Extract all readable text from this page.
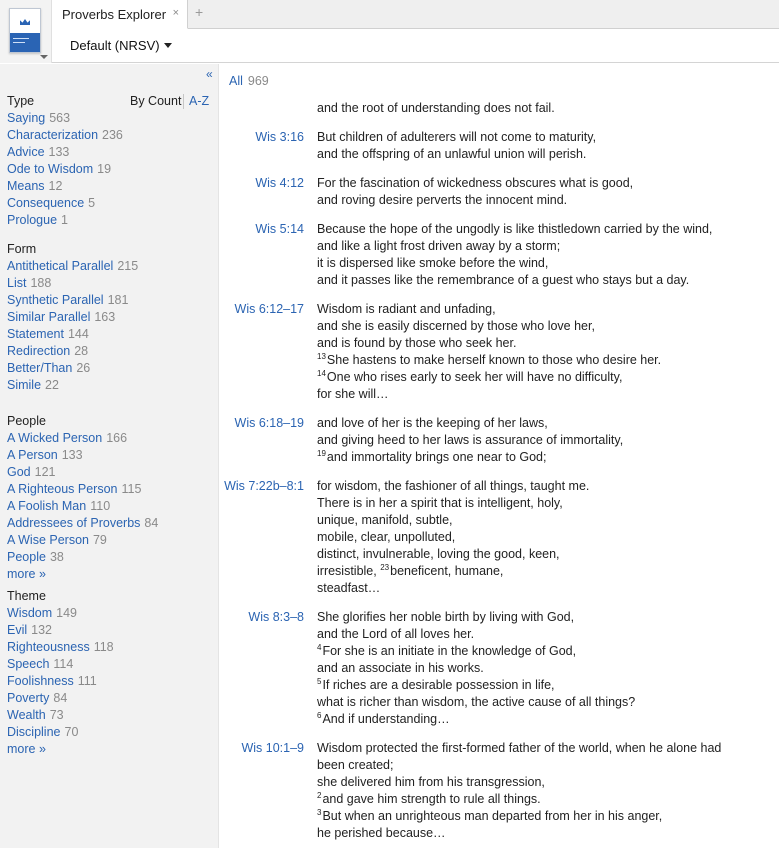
Proverbs Explorer × +
Default (NRSV)
«
By Count A-Z
Type
Saying 563
Characterization 236
Advice 133
Ode to Wisdom 19
Means 12
Consequence 5
Prologue 1
Form
Antithetical Parallel 215
List 188
Synthetic Parallel 181
Similar Parallel 163
Statement 144
Redirection 28
Better/Than 26
Simile 22
People
A Wicked Person 166
A Person 133
God 121
A Righteous Person 115
A Foolish Man 110
Addressees of Proverbs 84
A Wise Person 79
People 38
more »
Theme
Wisdom 149
Evil 132
Righteousness 118
Speech 114
Foolishness 111
Poverty 84
Wealth 73
Discipline 70
more »
All 969
and the root of understanding does not fail.
Wis 3:16 But children of adulterers will not come to maturity,
and the offspring of an unlawful union will perish.
Wis 4:12 For the fascination of wickedness obscures what is good,
and roving desire perverts the innocent mind.
Wis 5:14 Because the hope of the ungodly is like thistledown carried by the wind,
and like a light frost driven away by a storm;
it is dispersed like smoke before the wind,
and it passes like the remembrance of a guest who stays but a day.
Wis 6:12–17 Wisdom is radiant and unfading,
and she is easily discerned by those who love her,
and is found by those who seek her.
$^{13}$She hastens to make herself known to those who desire her.
$^{14}$One who rises early to seek her will have no difficulty,
for she will…
Wis 6:18–19 and love of her is the keeping of her laws,
and giving heed to her laws is assurance of immortality,
$^{19}$and immortality brings one near to God;
Wis 7:22b–8:1 for wisdom, the fashioner of all things, taught me.
There is in her a spirit that is intelligent, holy,
unique, manifold, subtle,
mobile, clear, unpolluted,
distinct, invulnerable, loving the good, keen,
irresistible, $^{23}$beneficent, humane,
steadfast…
Wis 8:3–8 She glorifies her noble birth by living with God,
and the Lord of all loves her.
$^4$For she is an initiate in the knowledge of God,
and an associate in his works.
$^5$If riches are a desirable possession in life,
what is richer than wisdom, the active cause of all things?
$^6$And if understanding…
Wis 10:1–9 Wisdom protected the first-formed father of the world, when he alone had
been created;
she delivered him from his transgression,
$^2$and gave him strength to rule all things.
$^3$But when an unrighteous man departed from her in his anger,
he perished because…
